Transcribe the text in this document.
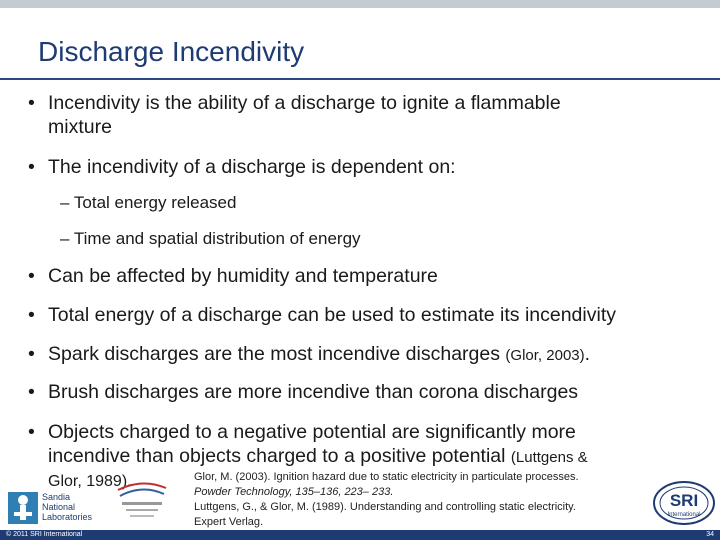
Discharge Incendivity
• Incendivity is the ability of a discharge to ignite a flammable
mixture
• The incendivity of a discharge is dependent on:
– Total energy released
– Time and spatial distribution of energy
• Can be affected by humidity and temperature
• Total energy of a discharge can be used to estimate its incendivity
• Spark discharges are the most incendive discharges (Glor, 2003).
• Brush discharges are more incendive than corona discharges
• Objects charged to a negative potential are significantly more
incendive than objects charged to a positive potential (Luttgens &
Glor, 1989).	Glor, M. (2003). Ignition hazard due to static electricity in particulate processes.
Powder Technology, 135–136, 223– 233.
Luttgens, G., & Glor, M. (1989). Understanding and controlling static electricity.
Expert Verlag.
Sandia
National
Laboratories
SRI
International
© 2011 SRI International	34
